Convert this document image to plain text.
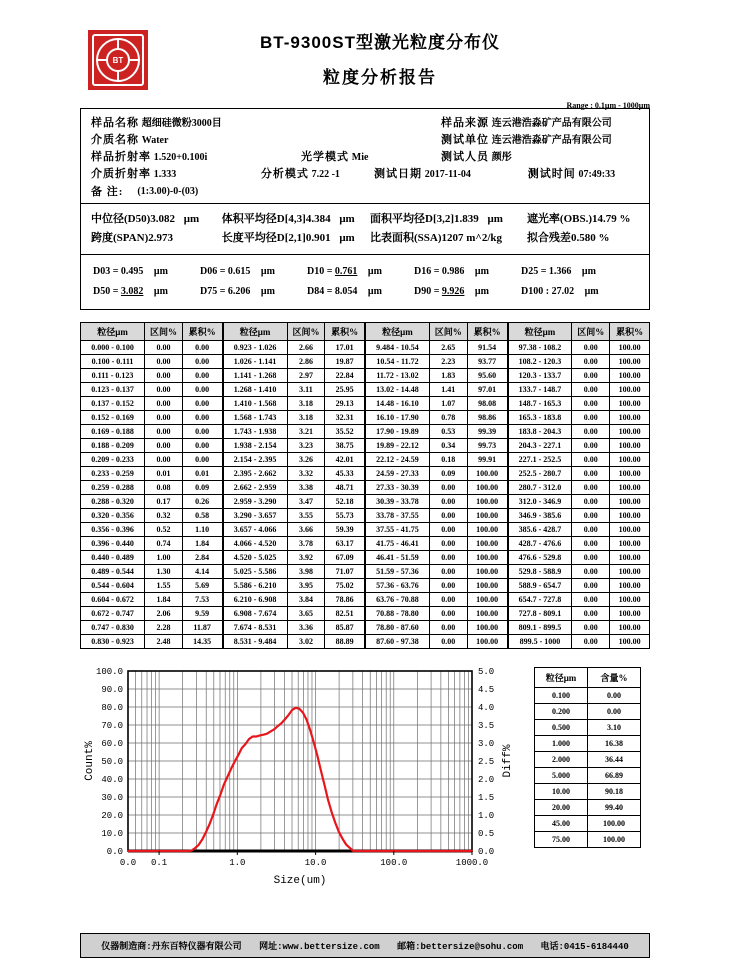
BT
BT-9300ST型激光粒度分布仪
粒度分析报告
Range : 0.1μm - 1000μm
样品名称 超细硅微粉3000目	样品来源 连云港浩淼矿产品有限公司
介质名称 Water	测试单位 连云港浩淼矿产品有限公司
样品折射率 1.520+0.100i	光学模式 Mie	测试人员 颜彤
介质折射率 1.333	分析模式 7.22 -1	测试日期 2017-11-04	测试时间 07:49:33
备 注:	(1:3.00)-0-(03)
中位径(D50)3.082 μm	体积平均径D[4,3]4.384 μm	面积平均径D[3,2]1.839 μm	遮光率(OBS.)14.79 %
跨度(SPAN)2.973	长度平均径D[2,1]0.901 μm	比表面积(SSA)1207 m^2/kg	拟合残差0.580 %
D03 = 0.495 μm	D06 = 0.615 μm	D10 = 0.761 μm	D16 = 0.986 μm	D25 = 1.366 μm
D50 = 3.082 μm	D75 = 6.206 μm	D84 = 8.054 μm	D90 = 9.926 μm	D100 : 27.02 μm
粒径μm	区间%	累积%
0.000 - 0.100	0.00	0.00
0.100 - 0.111	0.00	0.00
0.111 - 0.123	0.00	0.00
0.123 - 0.137	0.00	0.00
0.137 - 0.152	0.00	0.00
0.152 - 0.169	0.00	0.00
0.169 - 0.188	0.00	0.00
0.188 - 0.209	0.00	0.00
0.209 - 0.233	0.00	0.00
0.233 - 0.259	0.01	0.01
0.259 - 0.288	0.08	0.09
0.288 - 0.320	0.17	0.26
0.320 - 0.356	0.32	0.58
0.356 - 0.396	0.52	1.10
0.396 - 0.440	0.74	1.84
0.440 - 0.489	1.00	2.84
0.489 - 0.544	1.30	4.14
0.544 - 0.604	1.55	5.69
0.604 - 0.672	1.84	7.53
0.672 - 0.747	2.06	9.59
0.747 - 0.830	2.28	11.87
0.830 - 0.923	2.48	14.35
粒径μm	区间%	累积%
0.923 - 1.026	2.66	17.01
1.026 - 1.141	2.86	19.87
1.141 - 1.268	2.97	22.84
1.268 - 1.410	3.11	25.95
1.410 - 1.568	3.18	29.13
1.568 - 1.743	3.18	32.31
1.743 - 1.938	3.21	35.52
1.938 - 2.154	3.23	38.75
2.154 - 2.395	3.26	42.01
2.395 - 2.662	3.32	45.33
2.662 - 2.959	3.38	48.71
2.959 - 3.290	3.47	52.18
3.290 - 3.657	3.55	55.73
3.657 - 4.066	3.66	59.39
4.066 - 4.520	3.78	63.17
4.520 - 5.025	3.92	67.09
5.025 - 5.586	3.98	71.07
5.586 - 6.210	3.95	75.02
6.210 - 6.908	3.84	78.86
6.908 - 7.674	3.65	82.51
7.674 - 8.531	3.36	85.87
8.531 - 9.484	3.02	88.89
粒径μm	区间%	累积%
9.484 - 10.54	2.65	91.54
10.54 - 11.72	2.23	93.77
11.72 - 13.02	1.83	95.60
13.02 - 14.48	1.41	97.01
14.48 - 16.10	1.07	98.08
16.10 - 17.90	0.78	98.86
17.90 - 19.89	0.53	99.39
19.89 - 22.12	0.34	99.73
22.12 - 24.59	0.18	99.91
24.59 - 27.33	0.09	100.00
27.33 - 30.39	0.00	100.00
30.39 - 33.78	0.00	100.00
33.78 - 37.55	0.00	100.00
37.55 - 41.75	0.00	100.00
41.75 - 46.41	0.00	100.00
46.41 - 51.59	0.00	100.00
51.59 - 57.36	0.00	100.00
57.36 - 63.76	0.00	100.00
63.76 - 70.88	0.00	100.00
70.88 - 78.80	0.00	100.00
78.80 - 87.60	0.00	100.00
87.60 - 97.38	0.00	100.00
粒径μm	区间%	累积%
97.38 - 108.2	0.00	100.00
108.2 - 120.3	0.00	100.00
120.3 - 133.7	0.00	100.00
133.7 - 148.7	0.00	100.00
148.7 - 165.3	0.00	100.00
165.3 - 183.8	0.00	100.00
183.8 - 204.3	0.00	100.00
204.3 - 227.1	0.00	100.00
227.1 - 252.5	0.00	100.00
252.5 - 280.7	0.00	100.00
280.7 - 312.0	0.00	100.00
312.0 - 346.9	0.00	100.00
346.9 - 385.6	0.00	100.00
385.6 - 428.7	0.00	100.00
428.7 - 476.6	0.00	100.00
476.6 - 529.8	0.00	100.00
529.8 - 588.9	0.00	100.00
588.9 - 654.7	0.00	100.00
654.7 - 727.8	0.00	100.00
727.8 - 809.1	0.00	100.00
809.1 - 899.5	0.00	100.00
899.5 - 1000	0.00	100.00
0.0
10.0
20.0
30.0
40.0
50.0
60.0
70.0
80.0
90.0
100.0
0.0
0.5
1.0
1.5
2.0
2.5
3.0
3.5
4.0
4.5
5.0
0.0 0.1	1.0	10.0	100.0	1000.0
Size(um)
Count%	Diff%
粒径μm	含量%
0.100	0.00
0.200	0.00
0.500	3.10
1.000	16.38
2.000	36.44
5.000	66.89
10.00	90.18
20.00	99.40
45.00	100.00
75.00	100.00
仪器制造商:丹东百特仪器有限公司 网址:www.bettersize.com 邮箱:bettersize@sohu.com 电话:0415-6184440
